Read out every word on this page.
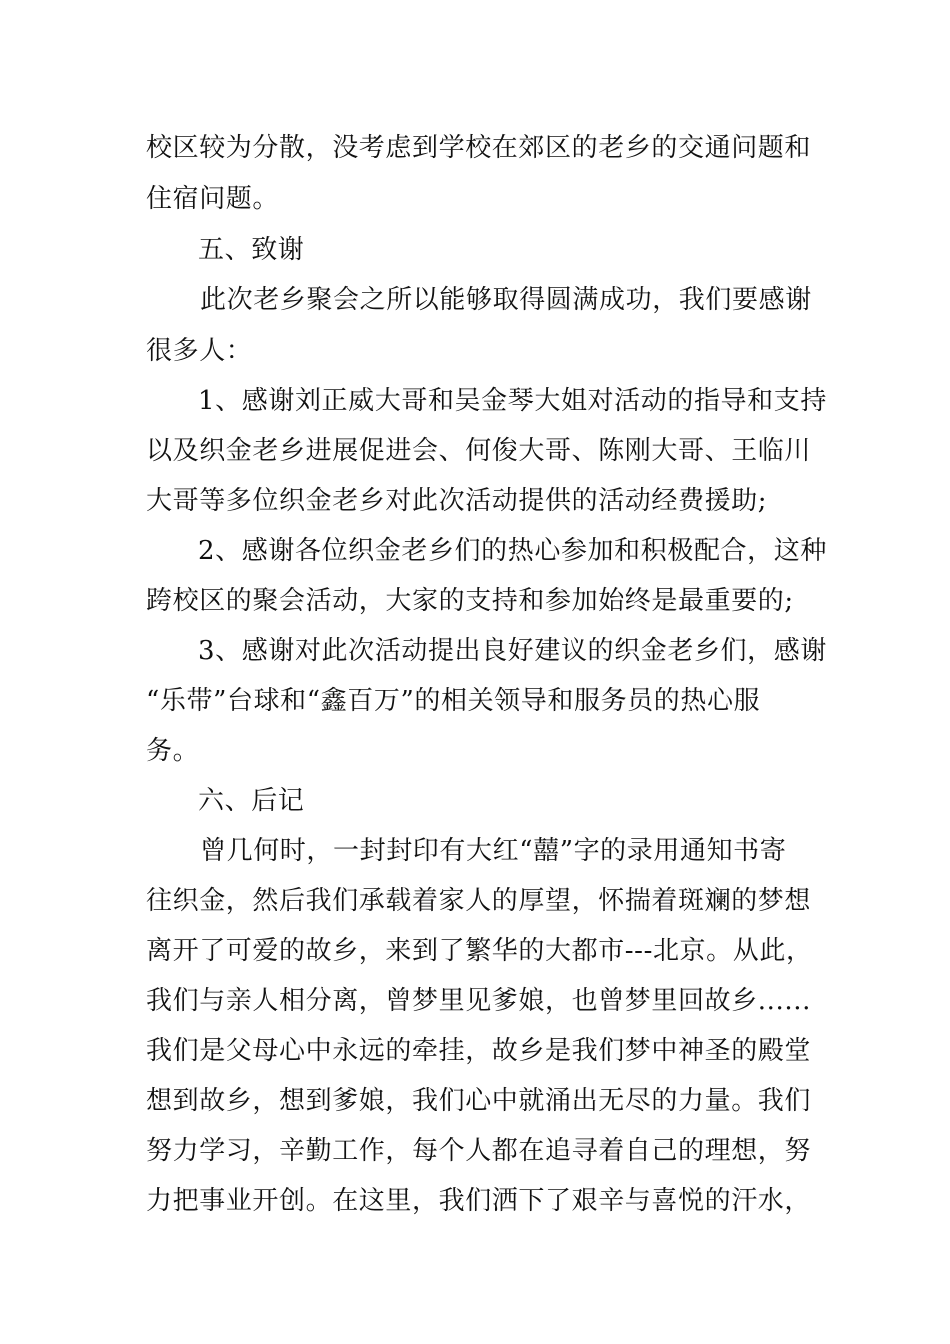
校区较为分散，没考虑到学校在郊区的老乡的交通问题和
住宿问题。
五、致谢
此次老乡聚会之所以能够取得圆满成功，我们要感谢
很多人：
1、感谢刘正威大哥和吴金琴大姐对活动的指导和支持
以及织金老乡进展促进会、何俊大哥、陈刚大哥、王临川
大哥等多位织金老乡对此次活动提供的活动经费援助;
2、感谢各位织金老乡们的热心参加和积极配合，这种
跨校区的聚会活动，大家的支持和参加始终是最重要的;
3、感谢对此次活动提出良好建议的织金老乡们，感谢
“乐带”台球和“鑫百万”的相关领导和服务员的热心服
务。
六、后记
曾几何时，一封封印有大红“囍”字的录用通知书寄
往织金，然后我们承载着家人的厚望，怀揣着斑斓的梦想
离开了可爱的故乡，来到了繁华的大都市---北京。从此，
我们与亲人相分离，曾梦里见爹娘，也曾梦里回故乡......
我们是父母心中永远的牵挂，故乡是我们梦中神圣的殿堂
想到故乡，想到爹娘，我们心中就涌出无尽的力量。我们
努力学习，辛勤工作，每个人都在追寻着自己的理想，努
力把事业开创。在这里，我们洒下了艰辛与喜悦的汗水，
